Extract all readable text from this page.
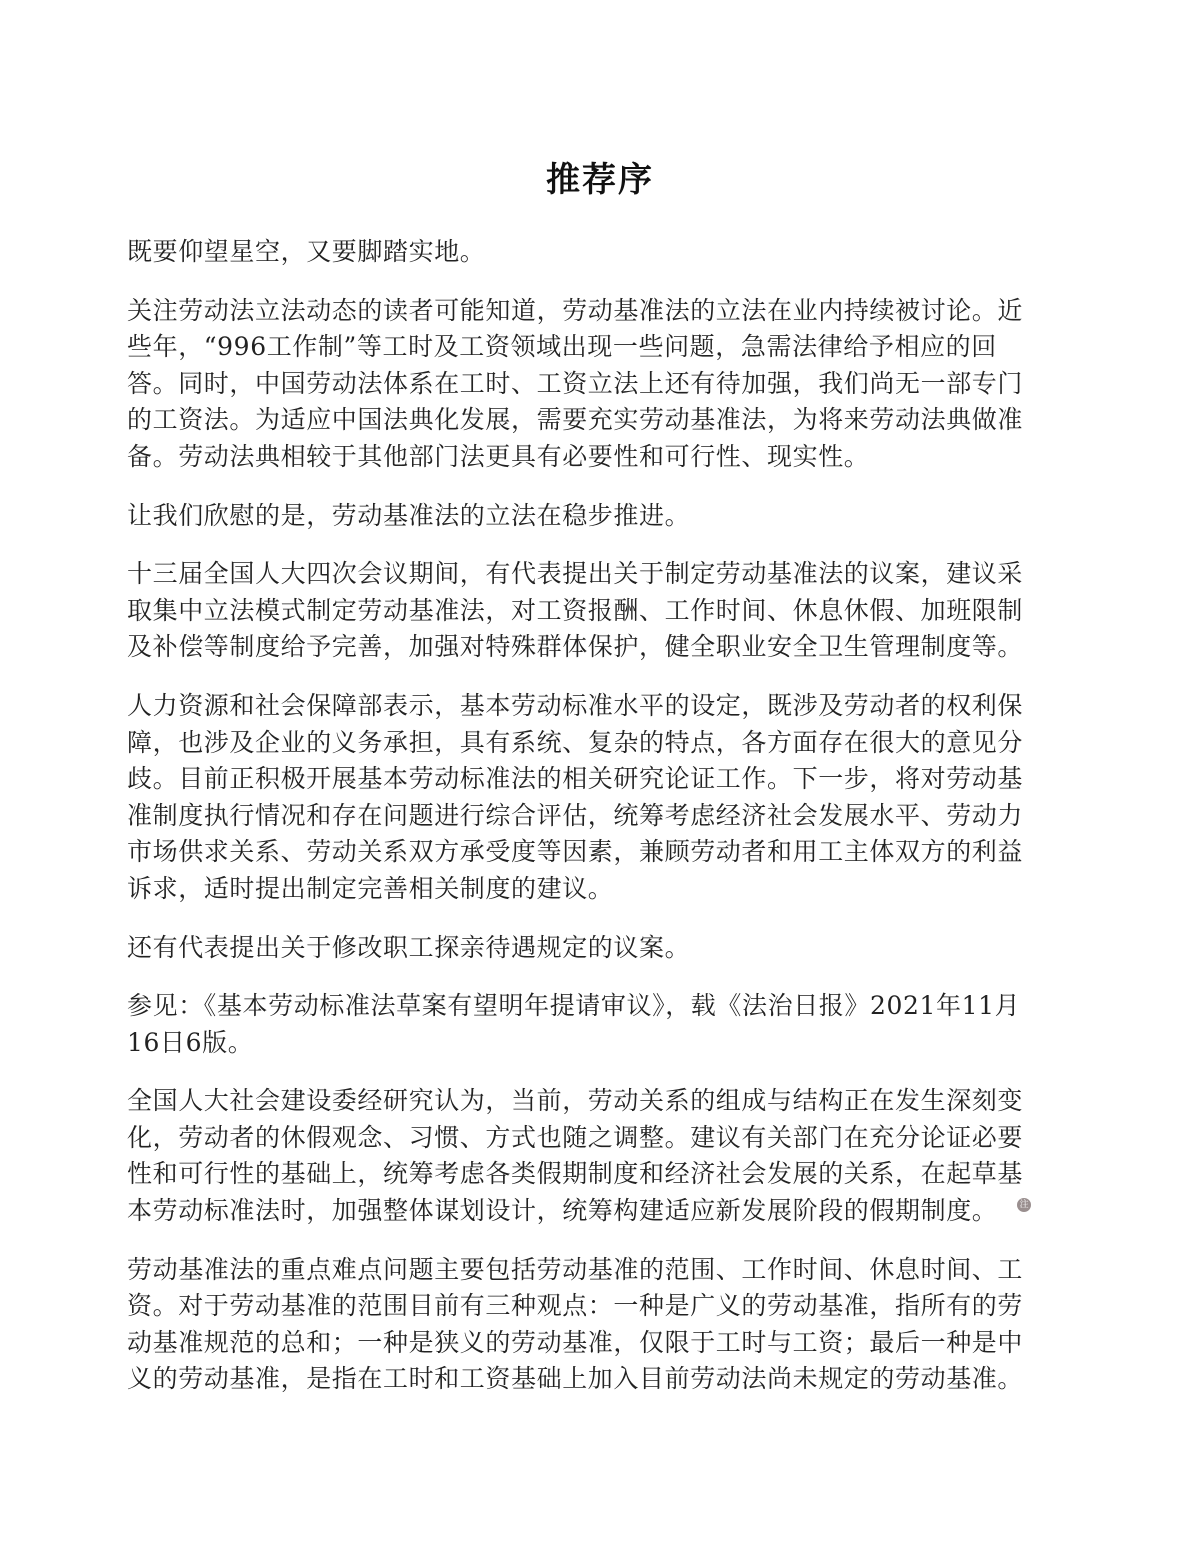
推荐序
既要仰望星空，又要脚踏实地。
关注劳动法立法动态的读者可能知道，劳动基准法的立法在业内持续被讨论。近
些年，“996工作制”等工时及工资领域出现一些问题，急需法律给予相应的回
答。同时，中国劳动法体系在工时、工资立法上还有待加强，我们尚无一部专门
的工资法。为适应中国法典化发展，需要充实劳动基准法，为将来劳动法典做准
备。劳动法典相较于其他部门法更具有必要性和可行性、现实性。
让我们欣慰的是，劳动基准法的立法在稳步推进。
十三届全国人大四次会议期间，有代表提出关于制定劳动基准法的议案，建议采
取集中立法模式制定劳动基准法，对工资报酬、工作时间、休息休假、加班限制
及补偿等制度给予完善，加强对特殊群体保护，健全职业安全卫生管理制度等。
人力资源和社会保障部表示，基本劳动标准水平的设定，既涉及劳动者的权利保
障，也涉及企业的义务承担，具有系统、复杂的特点，各方面存在很大的意见分
歧。目前正积极开展基本劳动标准法的相关研究论证工作。下一步，将对劳动基
准制度执行情况和存在问题进行综合评估，统筹考虑经济社会发展水平、劳动力
市场供求关系、劳动关系双方承受度等因素，兼顾劳动者和用工主体双方的利益
诉求，适时提出制定完善相关制度的建议。
还有代表提出关于修改职工探亲待遇规定的议案。
参见：《基本劳动标准法草案有望明年提请审议》，载《法治日报》2021年11月
16日6版。
全国人大社会建设委经研究认为，当前，劳动关系的组成与结构正在发生深刻变
化，劳动者的休假观念、习惯、方式也随之调整。建议有关部门在充分论证必要
性和可行性的基础上，统筹考虑各类假期制度和经济社会发展的关系，在起草基
本劳动标准法时，加强整体谋划设计，统筹构建适应新发展阶段的假期制度。 注
劳动基准法的重点难点问题主要包括劳动基准的范围、工作时间、休息时间、工
资。对于劳动基准的范围目前有三种观点：一种是广义的劳动基准，指所有的劳
动基准规范的总和；一种是狭义的劳动基准，仅限于工时与工资；最后一种是中
义的劳动基准，是指在工时和工资基础上加入目前劳动法尚未规定的劳动基准。
